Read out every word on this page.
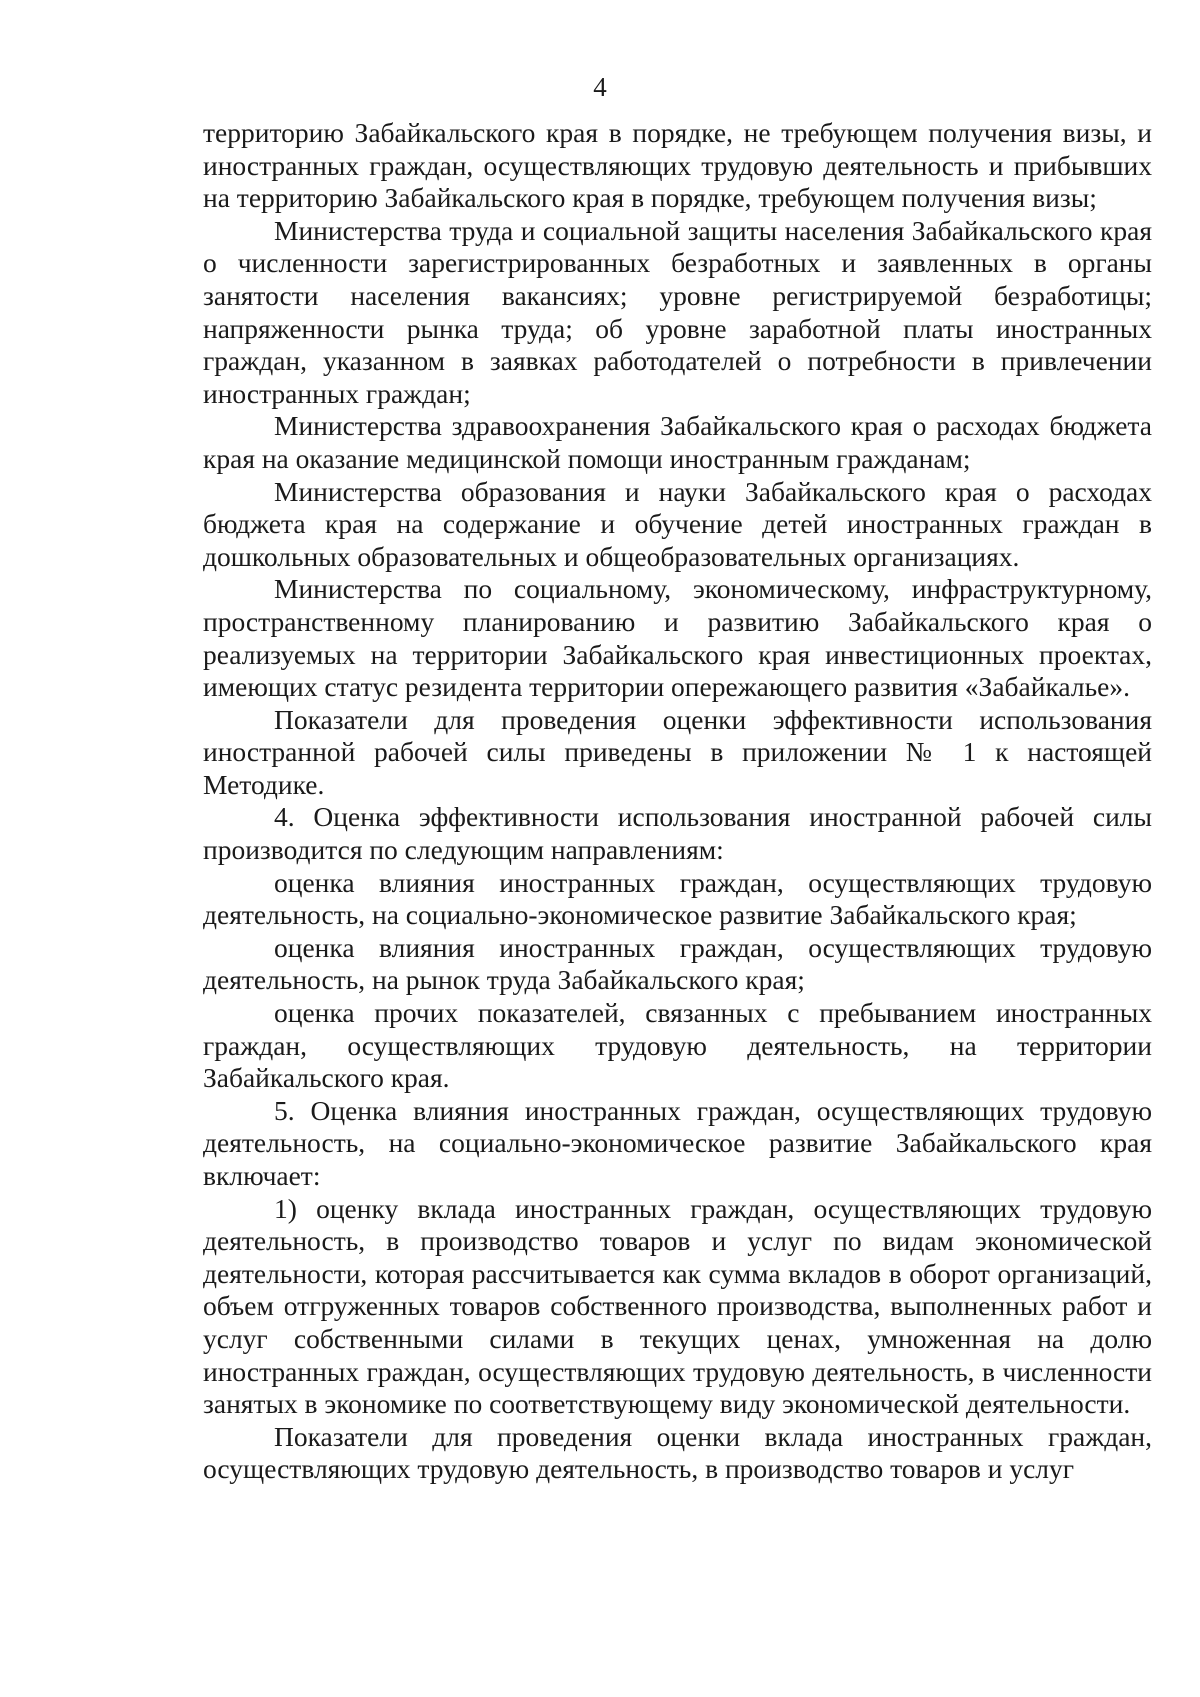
4

территорию Забайкальского края в порядке, не требующем получения визы, и иностранных граждан, осуществляющих трудовую деятельность и прибывших на территорию Забайкальского края в порядке, требующем получения визы;

Министерства труда и социальной защиты населения Забайкальского края о численности зарегистрированных безработных и заявленных в органы занятости населения вакансиях; уровне регистрируемой безработицы; напряженности рынка труда; об уровне заработной платы иностранных граждан, указанном в заявках работодателей о потребности в привлечении иностранных граждан;

Министерства здравоохранения Забайкальского края о расходах бюджета края на оказание медицинской помощи иностранным гражданам;

Министерства образования и науки Забайкальского края о расходах бюджета края на содержание и обучение детей иностранных граждан в дошкольных образовательных и общеобразовательных организациях.

Министерства по социальному, экономическому, инфраструктурному, пространственному планированию и развитию Забайкальского края о реализуемых на территории Забайкальского края инвестиционных проектах, имеющих статус резидента территории опережающего развития «Забайкалье».

Показатели для проведения оценки эффективности использования иностранной рабочей силы приведены в приложении № 1 к настоящей Методике.

4. Оценка эффективности использования иностранной рабочей силы производится по следующим направлениям:

оценка влияния иностранных граждан, осуществляющих трудовую деятельность, на социально-экономическое развитие Забайкальского края;

оценка влияния иностранных граждан, осуществляющих трудовую деятельность, на рынок труда Забайкальского края;

оценка прочих показателей, связанных с пребыванием иностранных граждан, осуществляющих трудовую деятельность, на территории Забайкальского края.

5. Оценка влияния иностранных граждан, осуществляющих трудовую деятельность, на социально-экономическое развитие Забайкальского края включает:

1) оценку вклада иностранных граждан, осуществляющих трудовую деятельность, в производство товаров и услуг по видам экономической деятельности, которая рассчитывается как сумма вкладов в оборот организаций, объем отгруженных товаров собственного производства, выполненных работ и услуг собственными силами в текущих ценах, умноженная на долю иностранных граждан, осуществляющих трудовую деятельность, в численности занятых в экономике по соответствующему виду экономической деятельности.

Показатели для проведения оценки вклада иностранных граждан, осуществляющих трудовую деятельность, в производство товаров и услуг
